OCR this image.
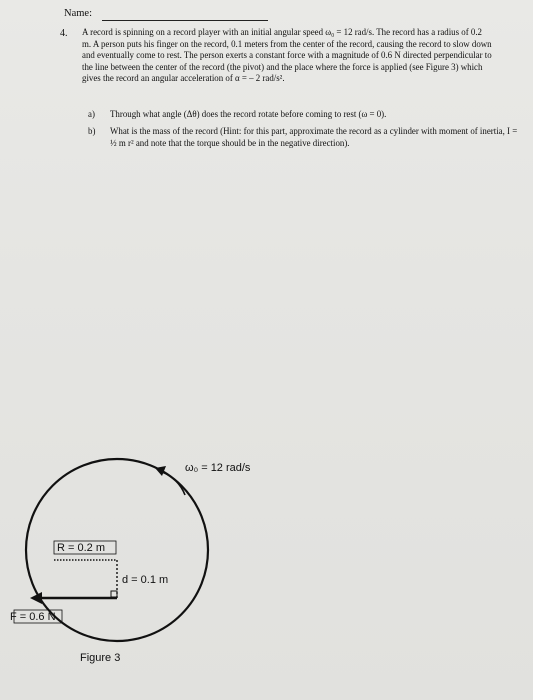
Name:
4. A record is spinning on a record player with an initial angular speed ω₀ = 12 rad/s. The record has a radius of 0.2 m. A person puts his finger on the record, 0.1 meters from the center of the record, causing the record to slow down and eventually come to rest. The person exerts a constant force with a magnitude of 0.6 N directed perpendicular to the line between the center of the record (the pivot) and the place where the force is applied (see Figure 3) which gives the record an angular acceleration of α = – 2 rad/s².

a) Through what angle (Δθ) does the record rotate before coming to rest (ω = 0).
b) What is the mass of the record (Hint: for this part, approximate the record as a cylinder with moment of inertia, I = ½ m r² and note that the torque should be in the negative direction).
ω₀ = 12 rad/s
R = 0.2 m
d = 0.1 m
F = 0.6 N
Figure 3
